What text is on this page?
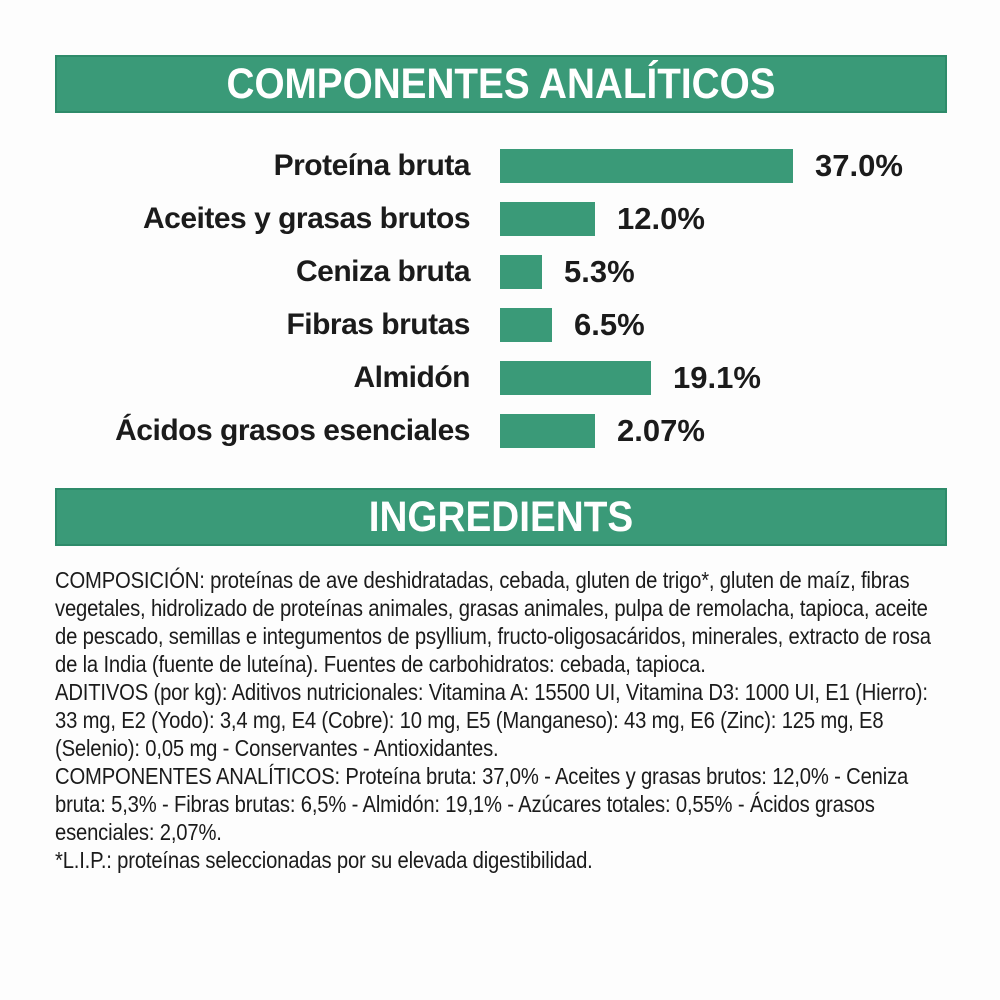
COMPONENTES ANALÍTICOS
Proteína bruta	37.0%
Aceites y grasas brutos	12.0%
Ceniza bruta	5.3%
Fibras brutas	6.5%
Almidón	19.1%
Ácidos grasos esenciales	2.07%
INGREDIENTS

COMPOSICIÓN: proteínas de ave deshidratadas, cebada, gluten de trigo*, gluten de maíz, fibras vegetales, hidrolizado de proteínas animales, grasas animales, pulpa de remolacha, tapioca, aceite de pescado, semillas e integumentos de psyllium, fructo-oligosacáridos, minerales, extracto de rosa de la India (fuente de luteína). Fuentes de carbohidratos: cebada, tapioca.

ADITIVOS (por kg): Aditivos nutricionales: Vitamina A: 15500 UI, Vitamina D3: 1000 UI, E1 (Hierro): 33 mg, E2 (Yodo): 3,4 mg, E4 (Cobre): 10 mg, E5 (Manganeso): 43 mg, E6 (Zinc): 125 mg, E8 (Selenio): 0,05 mg - Conservantes - Antioxidantes.

COMPONENTES ANALÍTICOS: Proteína bruta: 37,0% - Aceites y grasas brutos: 12,0% - Ceniza bruta: 5,3% - Fibras brutas: 6,5% - Almidón: 19,1% - Azúcares totales: 0,55% - Ácidos grasos esenciales: 2,07%.

*L.I.P.: proteínas seleccionadas por su elevada digestibilidad.
